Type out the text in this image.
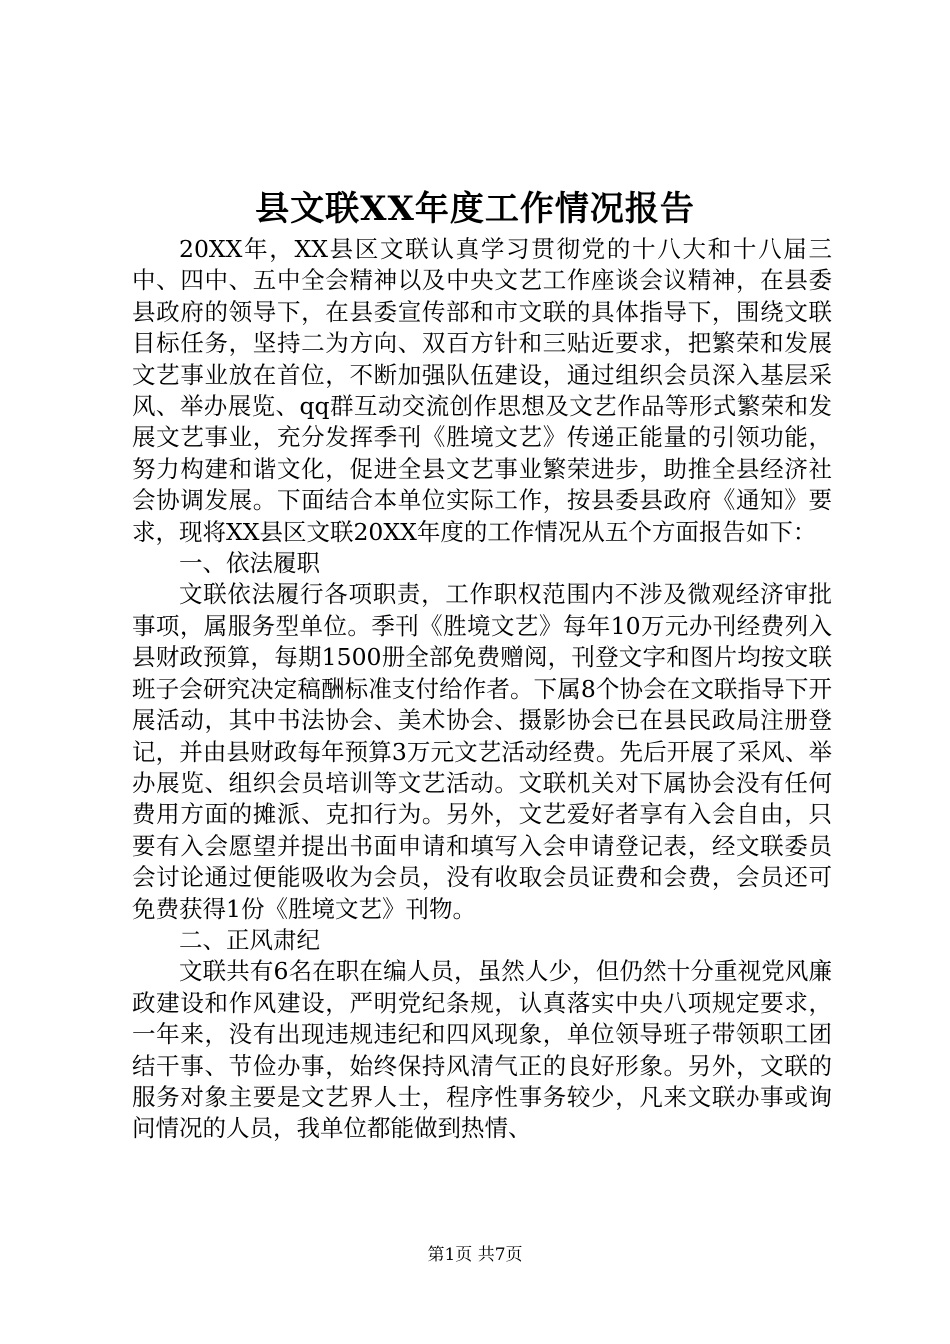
县文联XX年度工作情况报告

20XX年，XX县区文联认真学习贯彻党的十八大和十八届三中、四中、五中全会精神以及中央文艺工作座谈会议精神，在县委县政府的领导下，在县委宣传部和市文联的具体指导下，围绕文联目标任务，坚持二为方向、双百方针和三贴近要求，把繁荣和发展文艺事业放在首位，不断加强队伍建设，通过组织会员深入基层采风、举办展览、qq群互动交流创作思想及文艺作品等形式繁荣和发展文艺事业，充分发挥季刊《胜境文艺》传递正能量的引领功能，努力构建和谐文化，促进全县文艺事业繁荣进步，助推全县经济社会协调发展。下面结合本单位实际工作，按县委县政府《通知》要求，现将XX县区文联20XX年度的工作情况从五个方面报告如下：

一、依法履职

文联依法履行各项职责，工作职权范围内不涉及微观经济审批事项，属服务型单位。季刊《胜境文艺》每年10万元办刊经费列入县财政预算，每期1500册全部免费赠阅，刊登文字和图片均按文联班子会研究决定稿酬标准支付给作者。下属8个协会在文联指导下开展活动，其中书法协会、美术协会、摄影协会已在县民政局注册登记，并由县财政每年预算3万元文艺活动经费。先后开展了采风、举办展览、组织会员培训等文艺活动。文联机关对下属协会没有任何费用方面的摊派、克扣行为。另外，文艺爱好者享有入会自由，只要有入会愿望并提出书面申请和填写入会申请登记表，经文联委员会讨论通过便能吸收为会员，没有收取会员证费和会费，会员还可免费获得1份《胜境文艺》刊物。

二、正风肃纪

文联共有6名在职在编人员，虽然人少，但仍然十分重视党风廉政建设和作风建设，严明党纪条规，认真落实中央八项规定要求，一年来，没有出现违规违纪和四风现象，单位领导班子带领职工团结干事、节俭办事，始终保持风清气正的良好形象。另外，文联的服务对象主要是文艺界人士，程序性事务较少，凡来文联办事或询问情况的人员，我单位都能做到热情、

第1页 共7页
